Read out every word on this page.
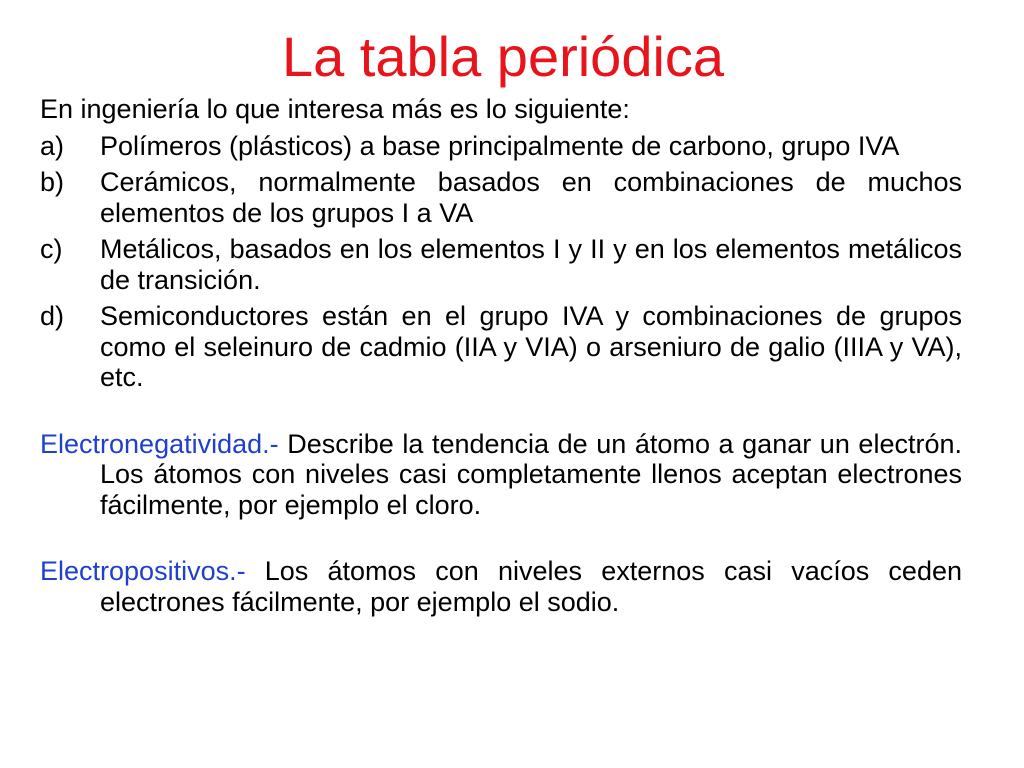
La tabla periódica

En ingeniería lo que interesa más es lo siguiente:

a)	Polímeros (plásticos) a base principalmente de carbono, grupo IVA
b)	Cerámicos, normalmente basados en combinaciones de muchos elementos de los grupos I a VA
c)	Metálicos, basados en los elementos I y II y en los elementos metálicos de transición.
d)	Semiconductores están en el grupo IVA y combinaciones de grupos como el seleinuro de cadmio (IIA y VIA) o arseniuro de galio (IIIA y VA), etc.

Electronegatividad.- Describe la tendencia de un átomo a ganar un electrón. Los átomos con niveles casi completamente llenos aceptan electrones fácilmente, por ejemplo el cloro.

Electropositivos.- Los átomos con niveles externos casi vacíos ceden electrones fácilmente, por ejemplo el sodio.
